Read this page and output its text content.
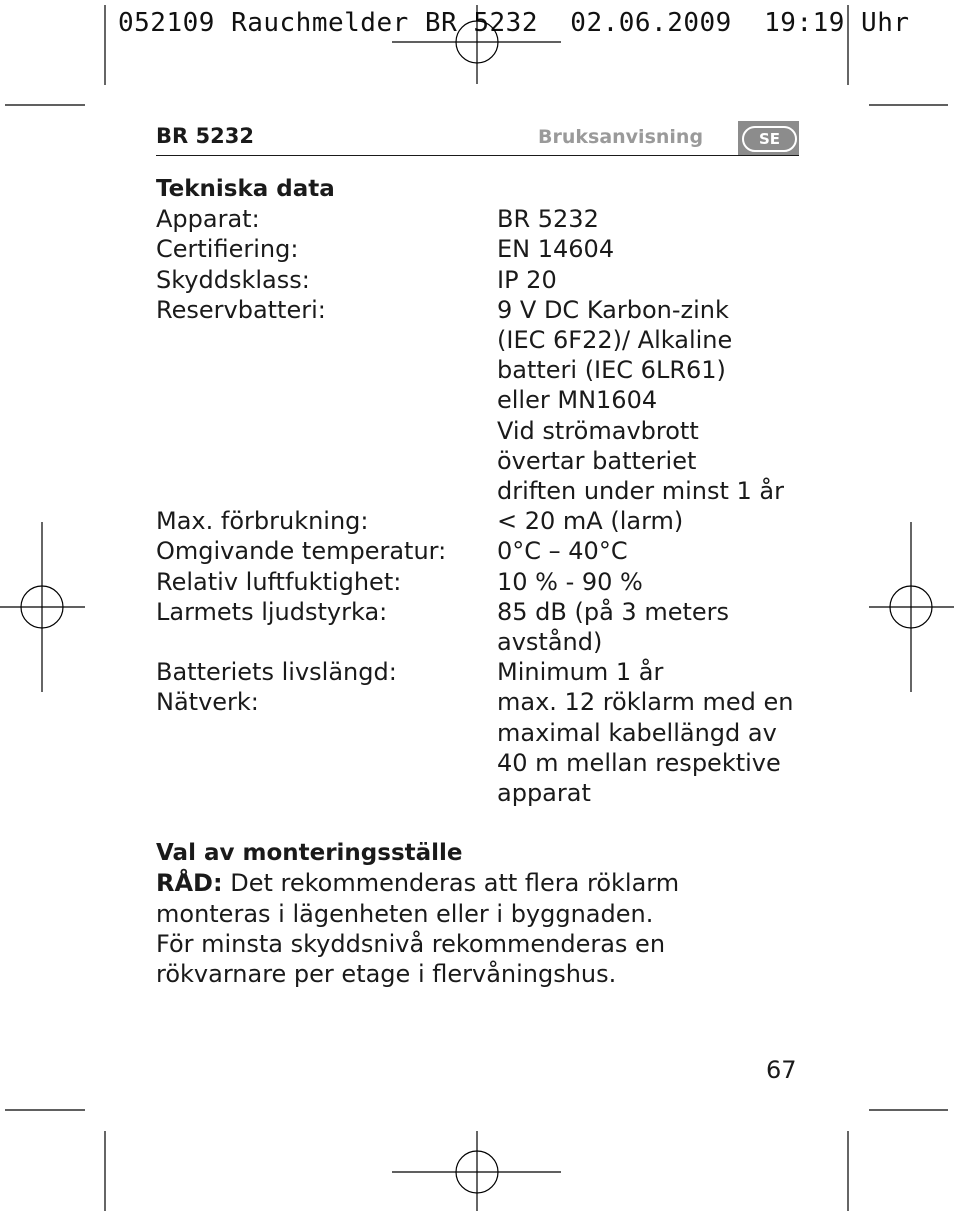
052109 Rauchmelder BR 5232  02.06.2009  19:19 Uhr
BR 5232	Bruksanvisning	SE
Tekniska data
Apparat:	BR 5232
Certifiering:	EN 14604
Skyddsklass:	IP 20
Reservbatteri:	9 V DC Karbon-zink
(IEC 6F22)/ Alkaline
batteri (IEC 6LR61)
eller MN1604
Vid strömavbrott
övertar batteriet
driften under minst 1 år
Max. förbrukning:	< 20 mA (larm)
Omgivande temperatur:	0°C – 40°C
Relativ luftfuktighet:	10 % - 90 %
Larmets ljudstyrka:	85 dB (på 3 meters
avstånd)
Batteriets livslängd:	Minimum 1 år
Nätverk:	max. 12 röklarm med en
maximal kabellängd av
40 m mellan respektive
apparat
Val av monteringsställe
RÅD: Det rekommenderas att flera röklarm
monteras i lägenheten eller i byggnaden.
För minsta skyddsnivå rekommenderas en
rökvarnare per etage i flervåningshus.
67
